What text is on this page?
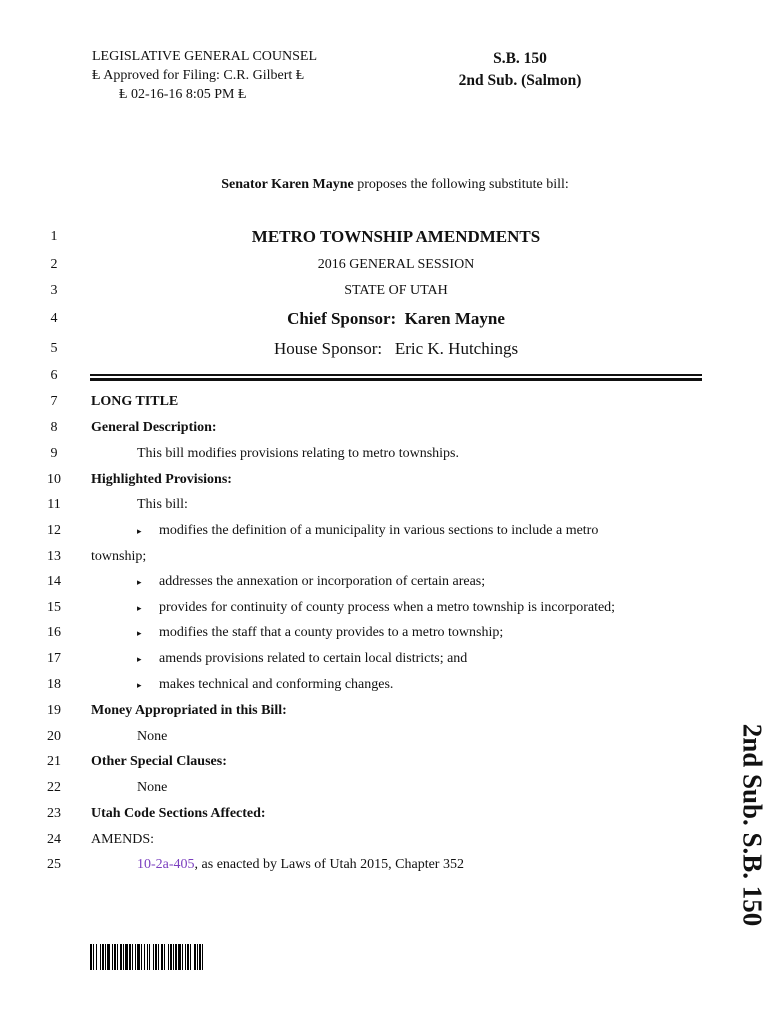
LEGISLATIVE GENERAL COUNSEL
Ⱡ Approved for Filing: C.R. Gilbert Ⱡ
Ⱡ 02-16-16 8:05 PM Ⱡ
S.B. 150
2nd Sub. (Salmon)
Senator Karen Mayne proposes the following substitute bill:
1	METRO TOWNSHIP AMENDMENTS
2	2016 GENERAL SESSION
3	STATE OF UTAH
4	Chief Sponsor:  Karen Mayne
5	House Sponsor:   Eric K. Hutchings
6
7	LONG TITLE
8	General Description:
9	This bill modifies provisions relating to metro townships.
10	Highlighted Provisions:
11	This bill:
12	▸ modifies the definition of a municipality in various sections to include a metro
13	township;
14	▸ addresses the annexation or incorporation of certain areas;
15	▸ provides for continuity of county process when a metro township is incorporated;
16	▸ modifies the staff that a county provides to a metro township;
17	▸ amends provisions related to certain local districts; and
18	▸ makes technical and conforming changes.
19	Money Appropriated in this Bill:
20	None
21	Other Special Clauses:
22	None
23	Utah Code Sections Affected:
24	AMENDS:
25	10-2a-405, as enacted by Laws of Utah 2015, Chapter 352	2nd Sub. S.B. 150
